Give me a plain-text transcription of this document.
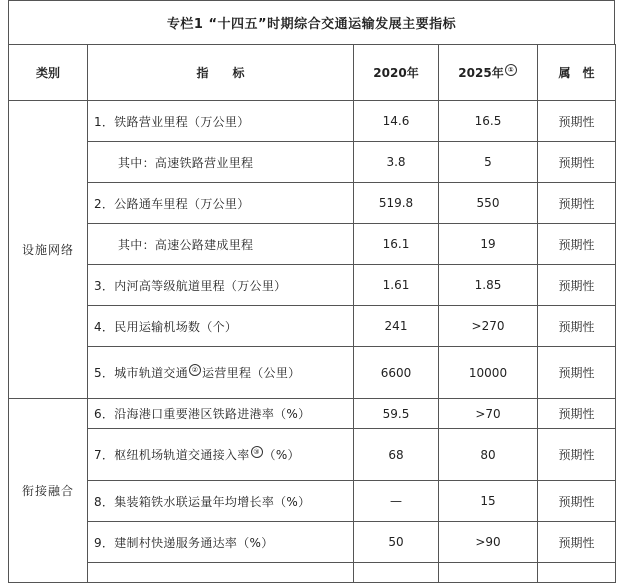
专栏1 “十四五”时期综合交通运输发展主要指标
类别	指　　标	2020年	2025年 ①	属　性
设施网络	1．铁路营业里程（万公里）	14.6	16.5	预期性
	其中：高速铁路营业里程	3.8	5	预期性
	2．公路通车里程（万公里）	519.8	550	预期性
	其中：高速公路建成里程	16.1	19	预期性
	3．内河高等级航道里程（万公里）	1.61	1.85	预期性
	4．民用运输机场数（个）	241	>270	预期性
	5．城市轨道交通 ② 运营里程（公里）	6600	10000	预期性
衔接融合	6．沿海港口重要港区铁路进港率（%）	59.5	>70	预期性
	7．枢纽机场轨道交通接入率 ③ （%）	68	80	预期性
	8．集装箱铁水联运量年均增长率（%）	—	15	预期性
	9．建制村快递服务通达率（%）	50	>90	预期性
